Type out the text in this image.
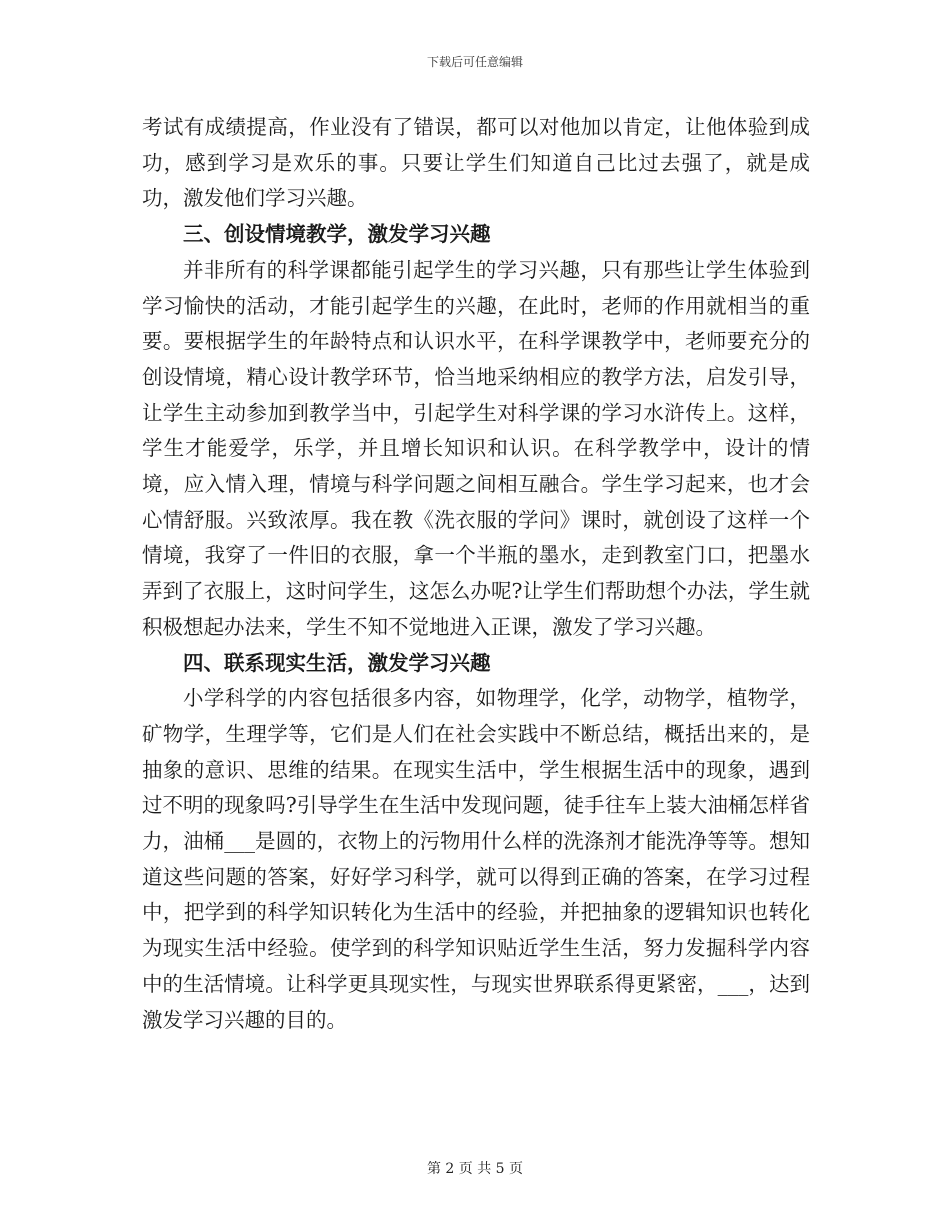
下载后可任意编辑

考试有成绩提高，作业没有了错误，都可以对他加以肯定，让他体验到成功，感到学习是欢乐的事。只要让学生们知道自己比过去强了，就是成功，激发他们学习兴趣。

三、创设情境教学，激发学习兴趣

并非所有的科学课都能引起学生的学习兴趣，只有那些让学生体验到学习愉快的活动，才能引起学生的兴趣，在此时，老师的作用就相当的重要。要根据学生的年龄特点和认识水平，在科学课教学中，老师要充分的创设情境，精心设计教学环节，恰当地采纳相应的教学方法，启发引导，让学生主动参加到教学当中，引起学生对科学课的学习水浒传上。这样，学生才能爱学，乐学，并且增长知识和认识。在科学教学中，设计的情境，应入情入理，情境与科学问题之间相互融合。学生学习起来，也才会心情舒服。兴致浓厚。我在教《洗衣服的学问》课时，就创设了这样一个情境，我穿了一件旧的衣服，拿一个半瓶的墨水，走到教室门口，把墨水弄到了衣服上，这时问学生，这怎么办呢?让学生们帮助想个办法，学生就积极想起办法来，学生不知不觉地进入正课，激发了学习兴趣。

四、联系现实生活，激发学习兴趣

小学科学的内容包括很多内容，如物理学，化学，动物学，植物学，矿物学，生理学等，它们是人们在社会实践中不断总结，概括出来的，是抽象的意识、思维的结果。在现实生活中，学生根据生活中的现象，遇到过不明的现象吗?引导学生在生活中发现问题，徒手往车上装大油桶怎样省力，油桶___是圆的，衣物上的污物用什么样的洗涤剂才能洗净等等。想知道这些问题的答案，好好学习科学，就可以得到正确的答案，在学习过程中，把学到的科学知识转化为生活中的经验，并把抽象的逻辑知识也转化为现实生活中经验。使学到的科学知识贴近学生生活，努力发掘科学内容中的生活情境。让科学更具现实性，与现实世界联系得更紧密，___，达到激发学习兴趣的目的。

第 2 页 共 5 页
